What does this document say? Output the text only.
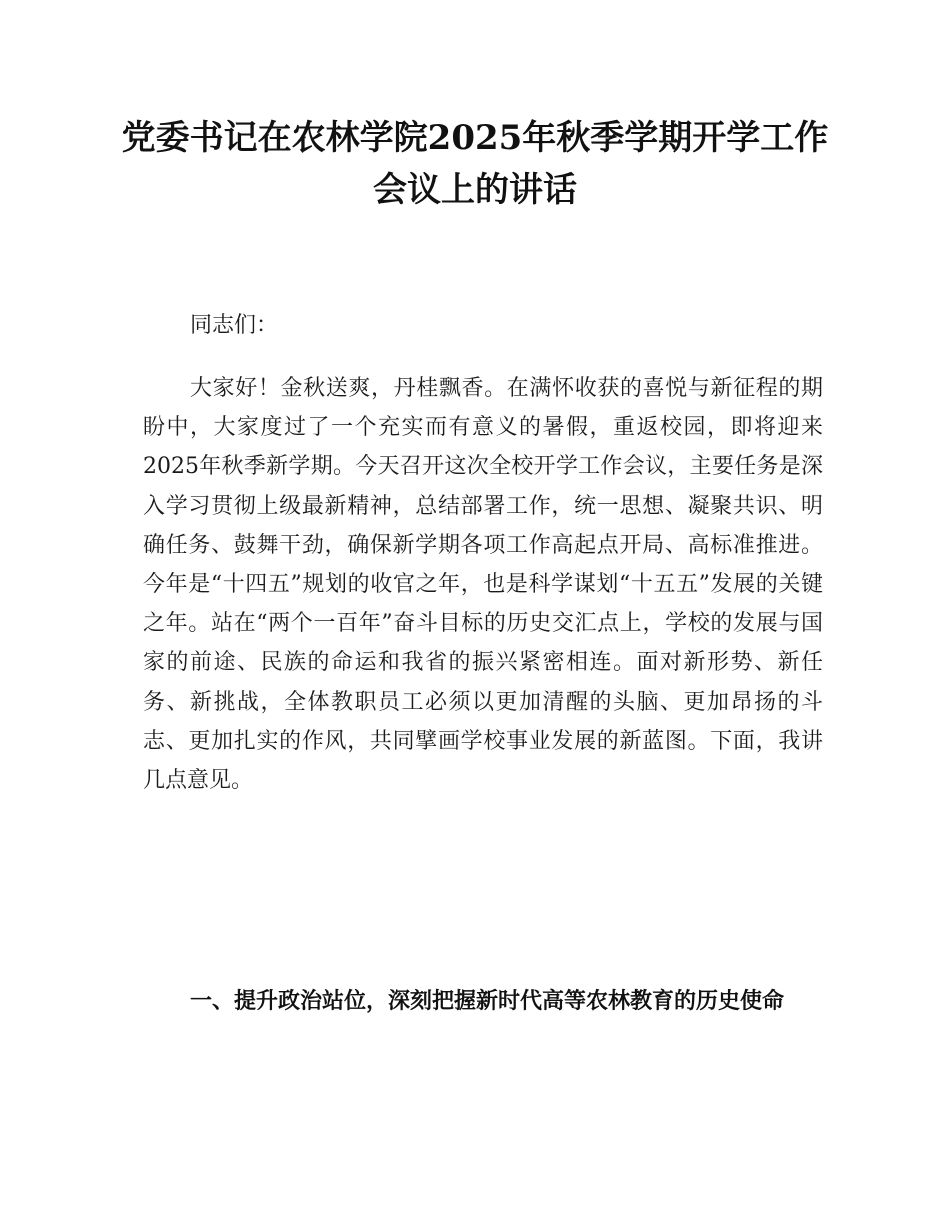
党委书记在农林学院2025年秋季学期开学工作会议上的讲话

同志们：

大家好！金秋送爽，丹桂飘香。在满怀收获的喜悦与新征程的期盼中，大家度过了一个充实而有意义的暑假，重返校园，即将迎来2025年秋季新学期。今天召开这次全校开学工作会议，主要任务是深入学习贯彻上级最新精神，总结部署工作，统一思想、凝聚共识、明确任务、鼓舞干劲，确保新学期各项工作高起点开局、高标准推进。今年是“十四五”规划的收官之年，也是科学谋划“十五五”发展的关键之年。站在“两个一百年”奋斗目标的历史交汇点上，学校的发展与国家的前途、民族的命运和我省的振兴紧密相连。面对新形势、新任务、新挑战，全体教职员工必须以更加清醒的头脑、更加昂扬的斗志、更加扎实的作风，共同擘画学校事业发展的新蓝图。下面，我讲几点意见。

一、提升政治站位，深刻把握新时代高等农林教育的历史使命
